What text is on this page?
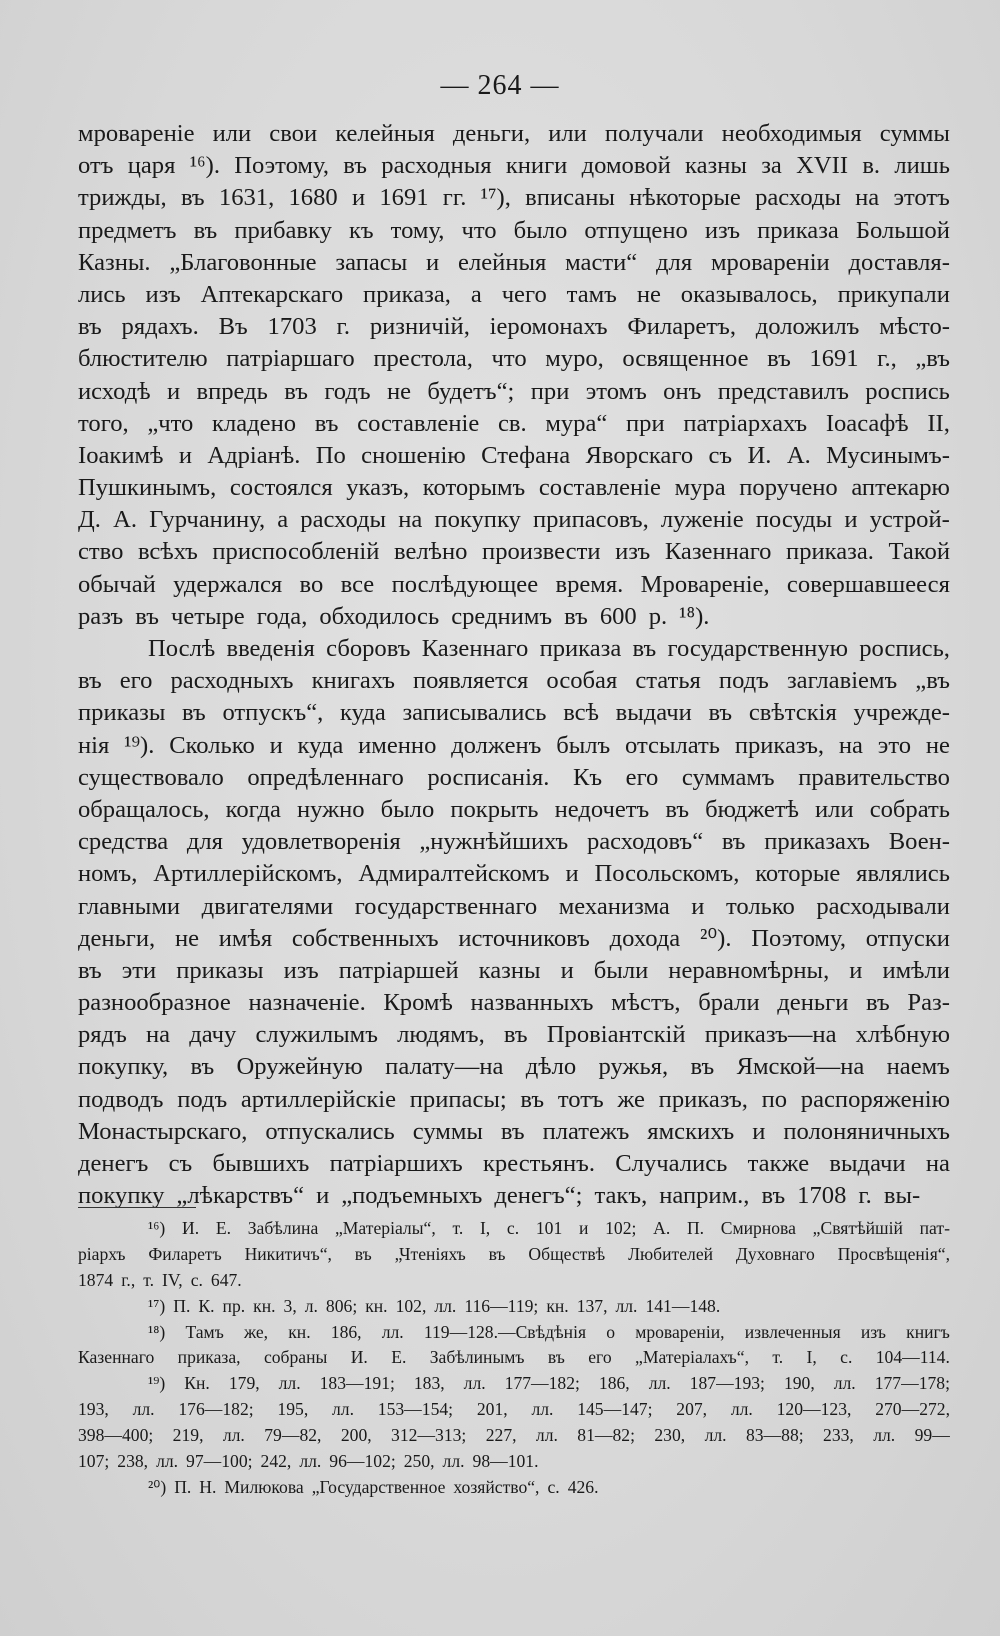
— 264 —
мровареніе или свои келейныя деньги, или получали необходимыя суммы
отъ царя ¹⁶). Поэтому, въ расходныя книги домовой казны за XVII в. лишь
трижды, въ 1631, 1680 и 1691 гг. ¹⁷), вписаны нѣкоторые расходы на этотъ
предметъ въ прибавку къ тому, что было отпущено изъ приказа Большой
Казны. „Благовонные запасы и елейныя масти“ для мровареніи доставля-
лись изъ Аптекарскаго приказа, а чего тамъ не оказывалось, прикупали
въ рядахъ. Въ 1703 г. ризничій, іеромонахъ Филаретъ, доложилъ мѣсто-
блюстителю патріаршаго престола, что муро, освященное въ 1691 г., „въ
исходѣ и впредь въ годъ не будетъ“; при этомъ онъ представилъ роспись
того, „что кладено въ составленіе св. мура“ при патріархахъ Іоасафѣ II,
Іоакимѣ и Адріанѣ. По сношенію Стефана Яворскаго съ И. А. Мусинымъ-
Пушкинымъ, состоялся указъ, которымъ составленіе мура поручено аптекарю
Д. А. Гурчанину, а расходы на покупку припасовъ, луженіе посуды и устрой-
ство всѣхъ приспособленій велѣно произвести изъ Казеннаго приказа. Такой
обычай удержался во все послѣдующее время. Мровареніе, совершавшееся
разъ въ четыре года, обходилось среднимъ въ 600 р. ¹⁸).
Послѣ введенія сборовъ Казеннаго приказа въ государственную роспись,
въ его расходныхъ книгахъ появляется особая статья подъ заглавіемъ „въ
приказы въ отпускъ“, куда записывались всѣ выдачи въ свѣтскія учрежде-
нія ¹⁹). Сколько и куда именно долженъ былъ отсылать приказъ, на это не
существовало опредѣленнаго росписанія. Къ его суммамъ правительство
обращалось, когда нужно было покрыть недочетъ въ бюджетѣ или собрать
средства для удовлетворенія „нужнѣйшихъ расходовъ“ въ приказахъ Воен-
номъ, Артиллерійскомъ, Адмиралтейскомъ и Посольскомъ, которые являлись
главными двигателями государственнаго механизма и только расходывали
деньги, не имѣя собственныхъ источниковъ дохода ²⁰). Поэтому, отпуски
въ эти приказы изъ патріаршей казны и были неравномѣрны, и имѣли
разнообразное назначеніе. Кромѣ названныхъ мѣстъ, брали деньги въ Раз-
рядъ на дачу служилымъ людямъ, въ Провіантскій приказъ—на хлѣбную
покупку, въ Оружейную палату—на дѣло ружья, въ Ямской—на наемъ
подводъ подъ артиллерійскіе припасы; въ тотъ же приказъ, по распоряженію
Монастырскаго, отпускались суммы въ платежъ ямскихъ и полоняничныхъ
денегъ съ бывшихъ патріаршихъ крестьянъ. Случались также выдачи на
покупку „лѣкарствъ“ и „подъемныхъ денегъ“; такъ, наприм., въ 1708 г. вы-
¹⁶) И. Е. Забѣлина „Матеріалы“, т. I, с. 101 и 102; А. П. Смирнова „Святѣйшій пат-
ріархъ Филаретъ Никитичъ“, въ „Чтеніяхъ въ Обществѣ Любителей Духовнаго Просвѣщенія“,
1874 г., т. IV, с. 647.
¹⁷) П. К. пр. кн. 3, л. 806; кн. 102, лл. 116—119; кн. 137, лл. 141—148.
¹⁸) Тамъ же, кн. 186, лл. 119—128.—Свѣдѣнія о мровареніи, извлеченныя изъ книгъ
Казеннаго приказа, собраны И. Е. Забѣлинымъ въ его „Матеріалахъ“, т. I, с. 104—114.
¹⁹) Кн. 179, лл. 183—191; 183, лл. 177—182; 186, лл. 187—193; 190, лл. 177—178;
193, лл. 176—182; 195, лл. 153—154; 201, лл. 145—147; 207, лл. 120—123, 270—272,
398—400; 219, лл. 79—82, 200, 312—313; 227, лл. 81—82; 230, лл. 83—88; 233, лл. 99—
107; 238, лл. 97—100; 242, лл. 96—102; 250, лл. 98—101.
²⁰) П. Н. Милюкова „Государственное хозяйство“, с. 426.
